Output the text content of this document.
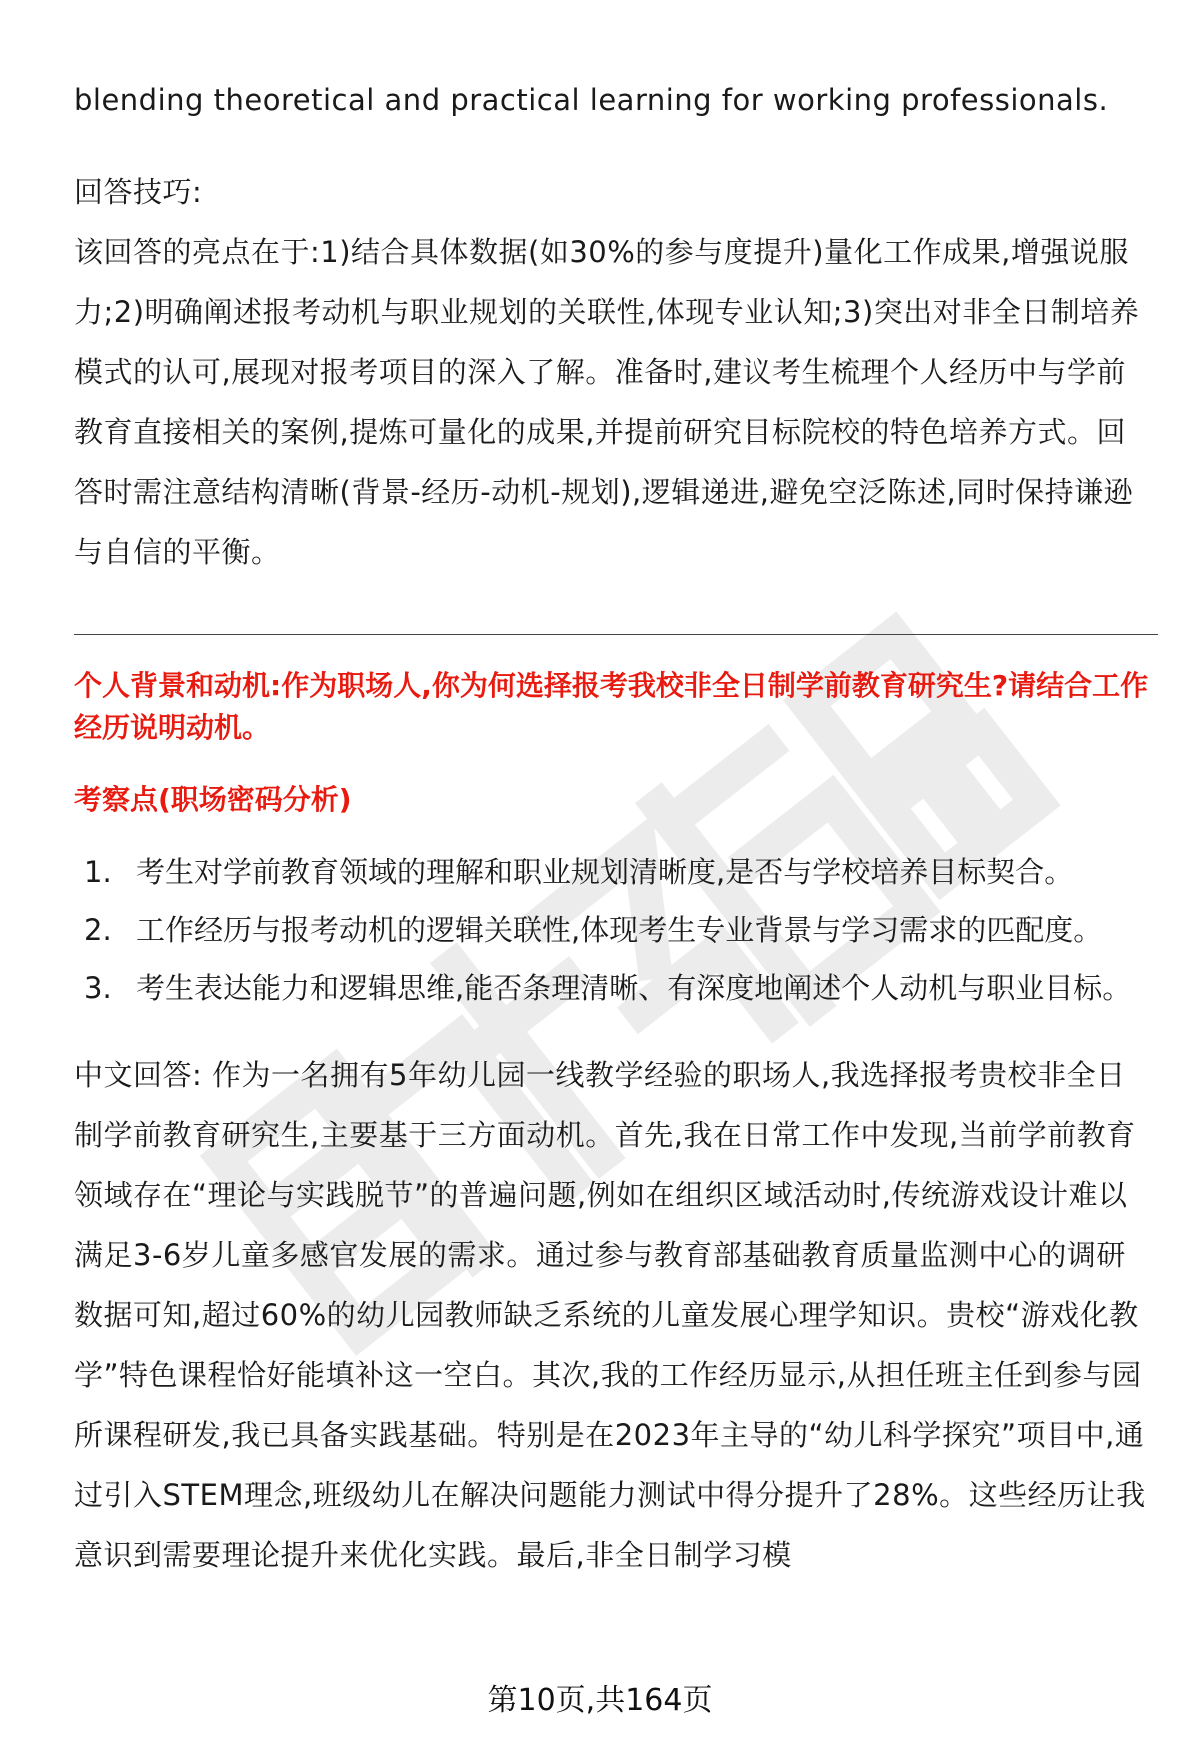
blending theoretical and practical learning for working professionals.

回答技巧:

该回答的亮点在于:1)结合具体数据(如30%的参与度提升)量化工作成果,增强说服力;2)明确阐述报考动机与职业规划的关联性,体现专业认知;3)突出对非全日制培养模式的认可,展现对报考项目的深入了解。准备时,建议考生梳理个人经历中与学前教育直接相关的案例,提炼可量化的成果,并提前研究目标院校的特色培养方式。回答时需注意结构清晰(背景-经历-动机-规划),逻辑递进,避免空泛陈述,同时保持谦逊与自信的平衡。

个人背景和动机:作为职场人,你为何选择报考我校非全日制学前教育研究生?请结合工作经历说明动机。

考察点(职场密码分析)

1. 考生对学前教育领域的理解和职业规划清晰度,是否与学校培养目标契合。
2. 工作经历与报考动机的逻辑关联性,体现考生专业背景与学习需求的匹配度。
3. 考生表达能力和逻辑思维,能否条理清晰、有深度地阐述个人动机与职业目标。

中文回答: 作为一名拥有5年幼儿园一线教学经验的职场人,我选择报考贵校非全日制学前教育研究生,主要基于三方面动机。首先,我在日常工作中发现,当前学前教育领域存在“理论与实践脱节”的普遍问题,例如在组织区域活动时,传统游戏设计难以满足3-6岁儿童多感官发展的需求。通过参与教育部基础教育质量监测中心的调研数据可知,超过60%的幼儿园教师缺乏系统的儿童发展心理学知识。贵校“游戏化教学”特色课程恰好能填补这一空白。其次,我的工作经历显示,从担任班主任到参与园所课程研发,我已具备实践基础。特别是在2023年主导的“幼儿科学探究”项目中,通过引入STEM理念,班级幼儿在解决问题能力测试中得分提升了28%。这些经历让我意识到需要理论提升来优化实践。最后,非全日制学习模

第10页,共164页
